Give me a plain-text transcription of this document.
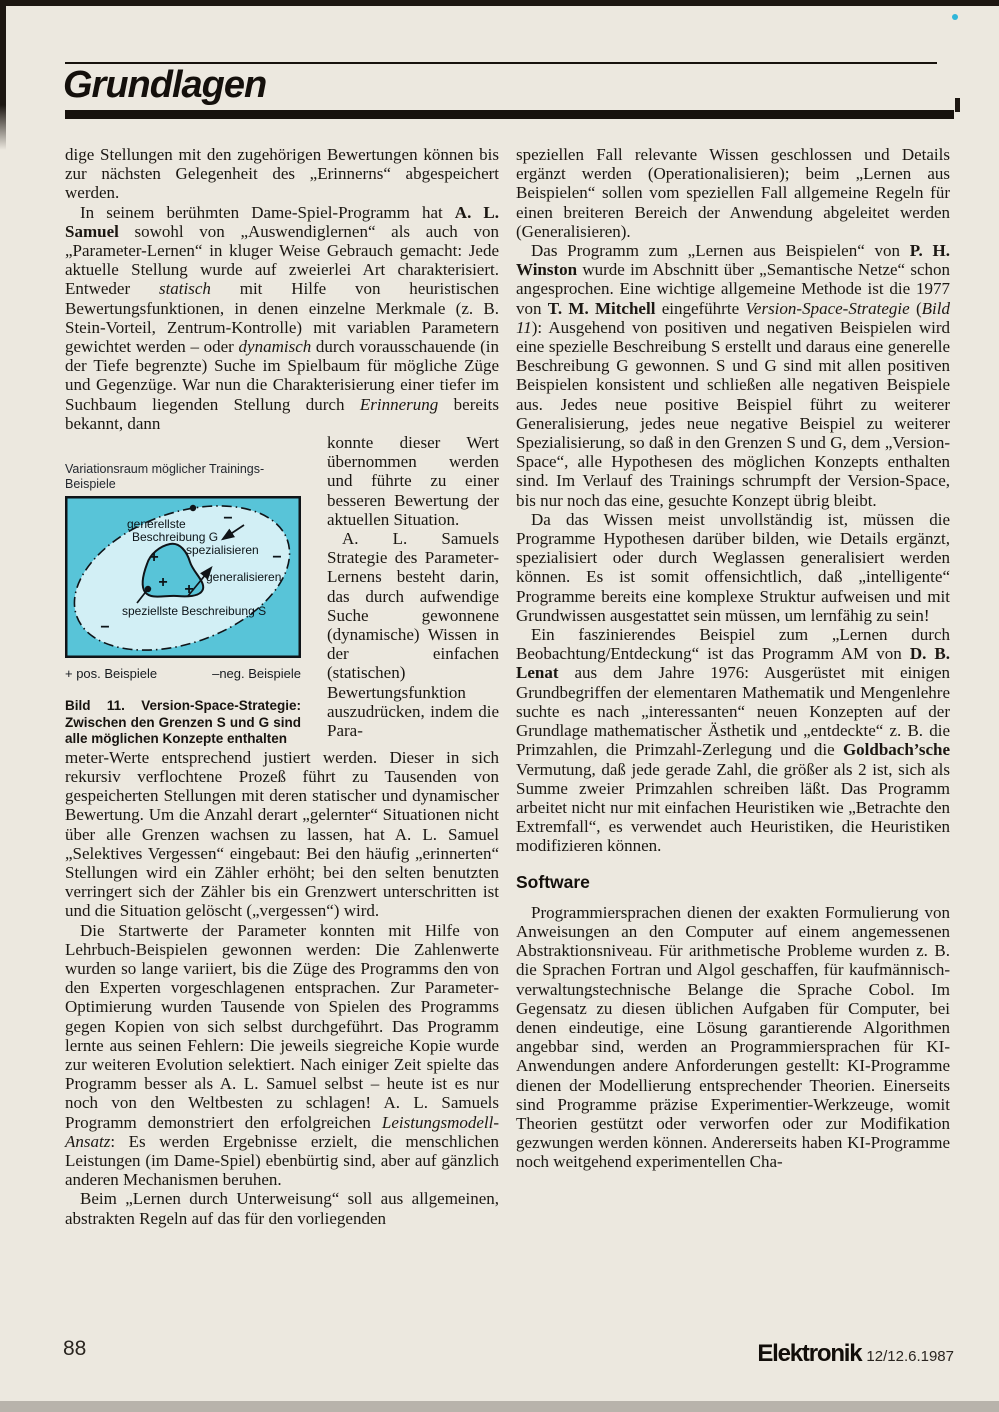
Grundlagen

dige Stellungen mit den zugehörigen Bewertungen können bis zur nächsten Gelegenheit des „Erinnerns“ abgespeichert werden.

In seinem berühmten Dame-Spiel-Programm hat A. L. Samuel sowohl von „Auswendiglernen“ als auch von „Parameter-Lernen“ in kluger Weise Gebrauch gemacht: Jede aktuelle Stellung wurde auf zweierlei Art charakterisiert. Entweder statisch mit Hilfe von heuristischen Bewertungsfunktionen, in denen einzelne Merkmale (z. B. Stein-Vorteil, Zentrum-Kontrolle) mit variablen Parametern gewichtet werden – oder dynamisch durch vorausschauende (in der Tiefe begrenzte) Suche im Spielbaum für mögliche Züge und Gegenzüge. War nun die Charakterisierung einer tiefer im Suchbaum liegenden Stellung durch Erinnerung bereits bekannt, dann

Variationsraum möglicher Trainings-Beispiele

generellste
Beschreibung G
spezialisieren
generalisieren
speziellste Beschreibung S
+
+ +
−
−
−
+ pos. Beispiele	–neg. Beispiele
Bild 11. Version-Space-Strategie: Zwischen den Grenzen S und G sind alle möglichen Konzepte enthalten

konnte dieser Wert übernommen werden und führte zu einer besseren Bewertung der aktuellen Situation.

A. L. Samuels Strategie des Parameter-Lernens besteht darin, das durch aufwendige Suche gewonnene (dynamische) Wissen in der einfachen (statischen) Bewertungsfunktion auszudrücken, indem die Para-

meter-Werte entsprechend justiert werden. Dieser in sich rekursiv verflochtene Prozeß führt zu Tausenden von gespeicherten Stellungen mit deren statischer und dynamischer Bewertung. Um die Anzahl derart „gelernter“ Situationen nicht über alle Grenzen wachsen zu lassen, hat A. L. Samuel „Selektives Vergessen“ eingebaut: Bei den häufig „erinnerten“ Stellungen wird ein Zähler erhöht; bei den selten benutzten verringert sich der Zähler bis ein Grenzwert unterschritten ist und die Situation gelöscht („vergessen“) wird.

Die Startwerte der Parameter konnten mit Hilfe von Lehrbuch-Beispielen gewonnen werden: Die Zahlenwerte wurden so lange variiert, bis die Züge des Programms den von den Experten vorgeschlagenen entsprachen. Zur Parameter-Optimierung wurden Tausende von Spielen des Programms gegen Kopien von sich selbst durchgeführt. Das Programm lernte aus seinen Fehlern: Die jeweils siegreiche Kopie wurde zur weiteren Evolution selektiert. Nach einiger Zeit spielte das Programm besser als A. L. Samuel selbst – heute ist es nur noch von den Weltbesten zu schlagen! A. L. Samuels Programm demonstriert den erfolgreichen Leistungsmodell-Ansatz: Es werden Ergebnisse erzielt, die menschlichen Leistungen (im Dame-Spiel) ebenbürtig sind, aber auf gänzlich anderen Mechanismen beruhen.

Beim „Lernen durch Unterweisung“ soll aus allgemeinen, abstrakten Regeln auf das für den vorliegenden

speziellen Fall relevante Wissen geschlossen und Details ergänzt werden (Operationalisieren); beim „Lernen aus Beispielen“ sollen vom speziellen Fall allgemeine Regeln für einen breiteren Bereich der Anwendung abgeleitet werden (Generalisieren).

Das Programm zum „Lernen aus Beispielen“ von P. H. Winston wurde im Abschnitt über „Semantische Netze“ schon angesprochen. Eine wichtige allgemeine Methode ist die 1977 von T. M. Mitchell eingeführte Version-Space-Strategie (Bild 11): Ausgehend von positiven und negativen Beispielen wird eine spezielle Beschreibung S erstellt und daraus eine generelle Beschreibung G gewonnen. S und G sind mit allen positiven Beispielen konsistent und schließen alle negativen Beispiele aus. Jedes neue positive Beispiel führt zu weiterer Generalisierung, jedes neue negative Beispiel zu weiterer Spezialisierung, so daß in den Grenzen S und G, dem „Version-Space“, alle Hypothesen des möglichen Konzepts enthalten sind. Im Verlauf des Trainings schrumpft der Version-Space, bis nur noch das eine, gesuchte Konzept übrig bleibt.

Da das Wissen meist unvollständig ist, müssen die Programme Hypothesen darüber bilden, wie Details ergänzt, spezialisiert oder durch Weglassen generalisiert werden können. Es ist somit offensichtlich, daß „intelligente“ Programme bereits eine komplexe Struktur aufweisen und mit Grundwissen ausgestattet sein müssen, um lernfähig zu sein!

Ein faszinierendes Beispiel zum „Lernen durch Beobachtung/Entdeckung“ ist das Programm AM von D. B. Lenat aus dem Jahre 1976: Ausgerüstet mit einigen Grundbegriffen der elementaren Mathematik und Mengenlehre suchte es nach „interessanten“ neuen Konzepten auf der Grundlage mathematischer Ästhetik und „entdeckte“ z. B. die Primzahlen, die Primzahl-Zerlegung und die Goldbach’sche Vermutung, daß jede gerade Zahl, die größer als 2 ist, sich als Summe zweier Primzahlen schreiben läßt. Das Programm arbeitet nicht nur mit einfachen Heuristiken wie „Betrachte den Extremfall“, es verwendet auch Heuristiken, die Heuristiken modifizieren können.

Software

Programmiersprachen dienen der exakten Formulierung von Anweisungen an den Computer auf einem angemessenen Abstraktionsniveau. Für arithmetische Probleme wurden z. B. die Sprachen Fortran und Algol geschaffen, für kaufmännisch-verwaltungstechnische Belange die Sprache Cobol. Im Gegensatz zu diesen üblichen Aufgaben für Computer, bei denen eindeutige, eine Lösung garantierende Algorithmen angebbar sind, werden an Programmiersprachen für KI-Anwendungen andere Anforderungen gestellt: KI-Programme dienen der Modellierung entsprechender Theorien. Einerseits sind Programme präzise Experimentier-Werkzeuge, womit Theorien gestützt oder verworfen oder zur Modifikation gezwungen werden können. Andererseits haben KI-Programme noch weitgehend experimentellen Cha-

88	Elektronik 12/12.6.1987
